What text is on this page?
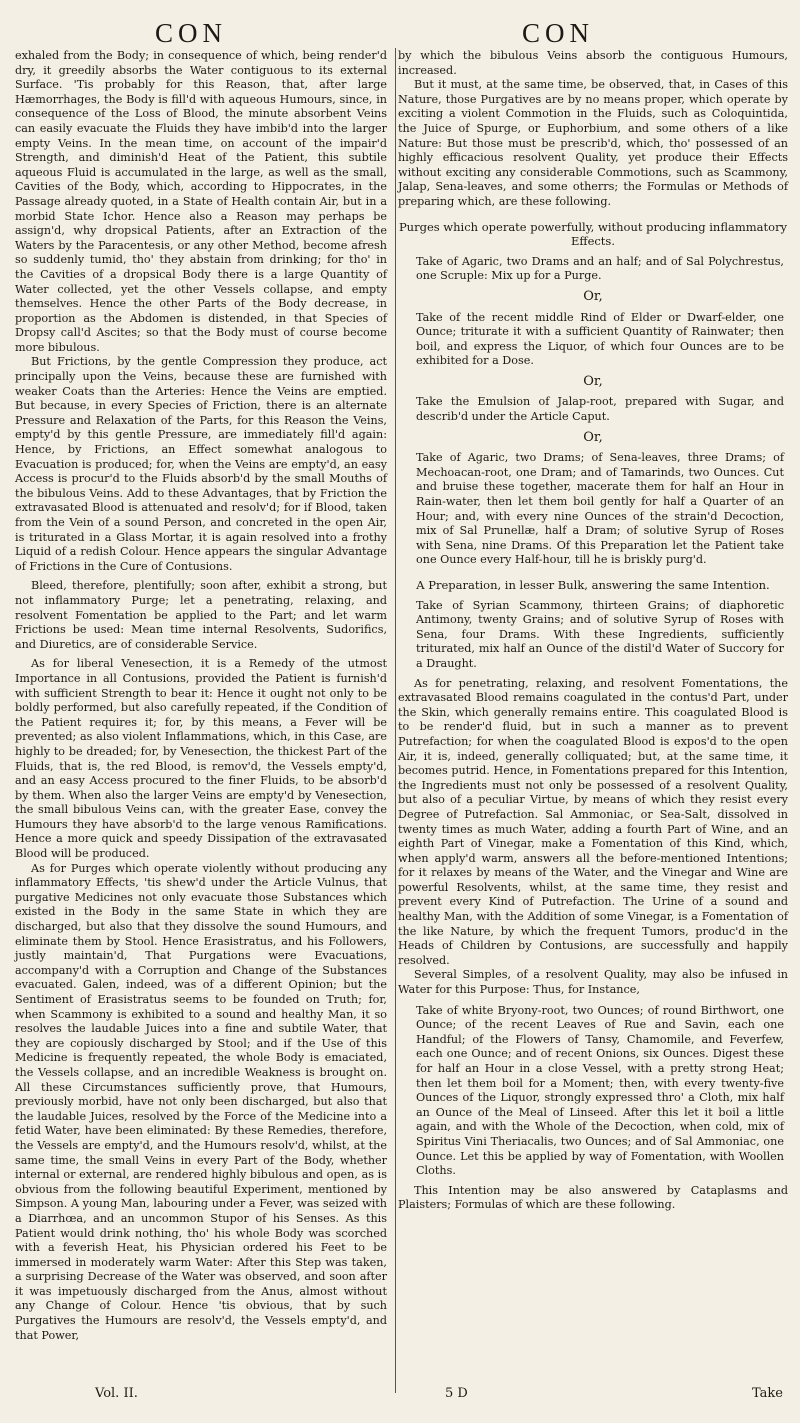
CON	CON

exhaled from the Body; in consequence of which, being render'd dry, it greedily absorbs the Water contiguous to its external Surface. 'Tis probably for this Reason, that, after large Hæmorrhages, the Body is fill'd with aqueous Humours, since, in consequence of the Loss of Blood, the minute absorbent Veins can easily evacuate the Fluids they have imbib'd into the larger empty Veins. In the mean time, on account of the impair'd Strength, and diminish'd Heat of the Patient, this subtile aqueous Fluid is accumulated in the large, as well as the small, Cavities of the Body, which, according to Hippocrates, in the Passage already quoted, in a State of Health contain Air, but in a morbid State Ichor. Hence also a Reason may perhaps be assign'd, why dropsical Patients, after an Extraction of the Waters by the Paracentesis, or any other Method, become afresh so suddenly tumid, tho' they abstain from drinking; for tho' in the Cavities of a dropsical Body there is a large Quantity of Water collected, yet the other Vessels collapse, and empty themselves. Hence the other Parts of the Body decrease, in proportion as the Abdomen is distended, in that Species of Dropsy call'd Ascites; so that the Body must of course become more bibulous.

But Frictions, by the gentle Compression they produce, act principally upon the Veins, because these are furnished with weaker Coats than the Arteries: Hence the Veins are emptied. But because, in every Species of Friction, there is an alternate Pressure and Relaxation of the Parts, for this Reason the Veins, empty'd by this gentle Pressure, are immediately fill'd again: Hence, by Frictions, an Effect somewhat analogous to Evacuation is produced; for, when the Veins are empty'd, an easy Access is procur'd to the Fluids absorb'd by the small Mouths of the bibulous Veins. Add to these Advantages, that by Friction the extravasated Blood is attenuated and resolv'd; for if Blood, taken from the Vein of a sound Person, and concreted in the open Air, is triturated in a Glass Mortar, it is again resolved into a frothy Liquid of a redish Colour. Hence appears the singular Advantage of Frictions in the Cure of Contusions.

Bleed, therefore, plentifully; soon after, exhibit a strong, but not inflammatory Purge; let a penetrating, relaxing, and resolvent Fomentation be applied to the Part; and let warm Frictions be used: Mean time internal Resolvents, Sudorifics, and Diuretics, are of considerable Service.

As for liberal Venesection, it is a Remedy of the utmost Importance in all Contusions, provided the Patient is furnish'd with sufficient Strength to bear it: Hence it ought not only to be boldly performed, but also carefully repeated, if the Condition of the Patient requires it; for, by this means, a Fever will be prevented; as also violent Inflammations, which, in this Case, are highly to be dreaded; for, by Venesection, the thickest Part of the Fluids, that is, the red Blood, is remov'd, the Vessels empty'd, and an easy Access procured to the finer Fluids, to be absorb'd by them. When also the larger Veins are empty'd by Venesection, the small bibulous Veins can, with the greater Ease, convey the Humours they have absorb'd to the large venous Ramifications. Hence a more quick and speedy Dissipation of the extravasated Blood will be produced.

As for Purges which operate violently without producing any inflammatory Effects, 'tis shew'd under the Article Vulnus, that purgative Medicines not only evacuate those Substances which existed in the Body in the same State in which they are discharged, but also that they dissolve the sound Humours, and eliminate them by Stool. Hence Erasistratus, and his Followers, justly maintain'd, That Purgations were Evacuations, accompany'd with a Corruption and Change of the Substances evacuated. Galen, indeed, was of a different Opinion; but the Sentiment of Erasistratus seems to be founded on Truth; for, when Scammony is exhibited to a sound and healthy Man, it so resolves the laudable Juices into a fine and subtile Water, that they are copiously discharged by Stool; and if the Use of this Medicine is frequently repeated, the whole Body is emaciated, the Vessels collapse, and an incredible Weakness is brought on. All these Circumstances sufficiently prove, that Humours, previously morbid, have not only been discharged, but also that the laudable Juices, resolved by the Force of the Medicine into a fetid Water, have been eliminated: By these Remedies, therefore, the Vessels are empty'd, and the Humours resolv'd, whilst, at the same time, the small Veins in every Part of the Body, whether internal or external, are rendered highly bibulous and open, as is obvious from the following beautiful Experiment, mentioned by Simpson. A young Man, labouring under a Fever, was seized with a Diarrhœa, and an uncommon Stupor of his Senses. As this Patient would drink nothing, tho' his whole Body was scorched with a feverish Heat, his Physician ordered his Feet to be immersed in moderately warm Water: After this Step was taken, a surprising Decrease of the Water was observed, and soon after it was impetuously discharged from the Anus, almost without any Change of Colour. Hence 'tis obvious, that by such Purgatives the Humours are resolv'd, the Vessels empty'd, and that Power,

by which the bibulous Veins absorb the contiguous Humours, increased.

But it must, at the same time, be observed, that, in Cases of this Nature, those Purgatives are by no means proper, which operate by exciting a violent Commotion in the Fluids, such as Coloquintida, the Juice of Spurge, or Euphorbium, and some others of a like Nature: But those must be prescrib'd, which, tho' possessed of an highly efficacious resolvent Quality, yet produce their Effects without exciting any considerable Commotions, such as Scammony, Jalap, Sena-leaves, and some otherrs; the Formulas or Methods of preparing which, are these following.

Purges which operate powerfully, without producing inflammatory Effects.

Take of Agaric, two Drams and an half; and of Sal Polychrestus, one Scruple: Mix up for a Purge.

Or,

Take of the recent middle Rind of Elder or Dwarf-elder, one Ounce; triturate it with a sufficient Quantity of Rainwater; then boil, and express the Liquor, of which four Ounces are to be exhibited for a Dose.

Or,

Take the Emulsion of Jalap-root, prepared with Sugar, and describ'd under the Article Caput.

Or,

Take of Agaric, two Drams; of Sena-leaves, three Drams; of Mechoacan-root, one Dram; and of Tamarinds, two Ounces. Cut and bruise these together, macerate them for half an Hour in Rain-water, then let them boil gently for half a Quarter of an Hour; and, with every nine Ounces of the strain'd Decoction, mix of Sal Prunellæ, half a Dram; of solutive Syrup of Roses with Sena, nine Drams. Of this Preparation let the Patient take one Ounce every Half-hour, till he is briskly purg'd.

A Preparation, in lesser Bulk, answering the same Intention.

Take of Syrian Scammony, thirteen Grains; of diaphoretic Antimony, twenty Grains; and of solutive Syrup of Roses with Sena, four Drams. With these Ingredients, sufficiently triturated, mix half an Ounce of the distil'd Water of Succory for a Draught.

As for penetrating, relaxing, and resolvent Fomentations, the extravasated Blood remains coagulated in the contus'd Part, under the Skin, which generally remains entire. This coagulated Blood is to be render'd fluid, but in such a manner as to prevent Putrefaction; for when the coagulated Blood is expos'd to the open Air, it is, indeed, generally colliquated; but, at the same time, it becomes putrid. Hence, in Fomentations prepared for this Intention, the Ingredients must not only be possessed of a resolvent Quality, but also of a peculiar Virtue, by means of which they resist every Degree of Putrefaction. Sal Ammoniac, or Sea-Salt, dissolved in twenty times as much Water, adding a fourth Part of Wine, and an eighth Part of Vinegar, make a Fomentation of this Kind, which, when apply'd warm, answers all the before-mentioned Intentions; for it relaxes by means of the Water, and the Vinegar and Wine are powerful Resolvents, whilst, at the same time, they resist and prevent every Kind of Putrefaction. The Urine of a sound and healthy Man, with the Addition of some Vinegar, is a Fomentation of the like Nature, by which the frequent Tumors, produc'd in the Heads of Children by Contusions, are successfully and happily resolved.

Several Simples, of a resolvent Quality, may also be infused in Water for this Purpose: Thus, for Instance,

Take of white Bryony-root, two Ounces; of round Birthwort, one Ounce; of the recent Leaves of Rue and Savin, each one Handful; of the Flowers of Tansy, Chamomile, and Feverfew, each one Ounce; and of recent Onions, six Ounces. Digest these for half an Hour in a close Vessel, with a pretty strong Heat; then let them boil for a Moment; then, with every twenty-five Ounces of the Liquor, strongly expressed thro' a Cloth, mix half an Ounce of the Meal of Linseed. After this let it boil a little again, and with the Whole of the Decoction, when cold, mix of Spiritus Vini Theriacalis, two Ounces; and of Sal Ammoniac, one Ounce. Let this be applied by way of Fomentation, with Woollen Cloths.

This Intention may be also answered by Cataplasms and Plaisters; Formulas of which are these following.

Vol. II.	5 D	Take
